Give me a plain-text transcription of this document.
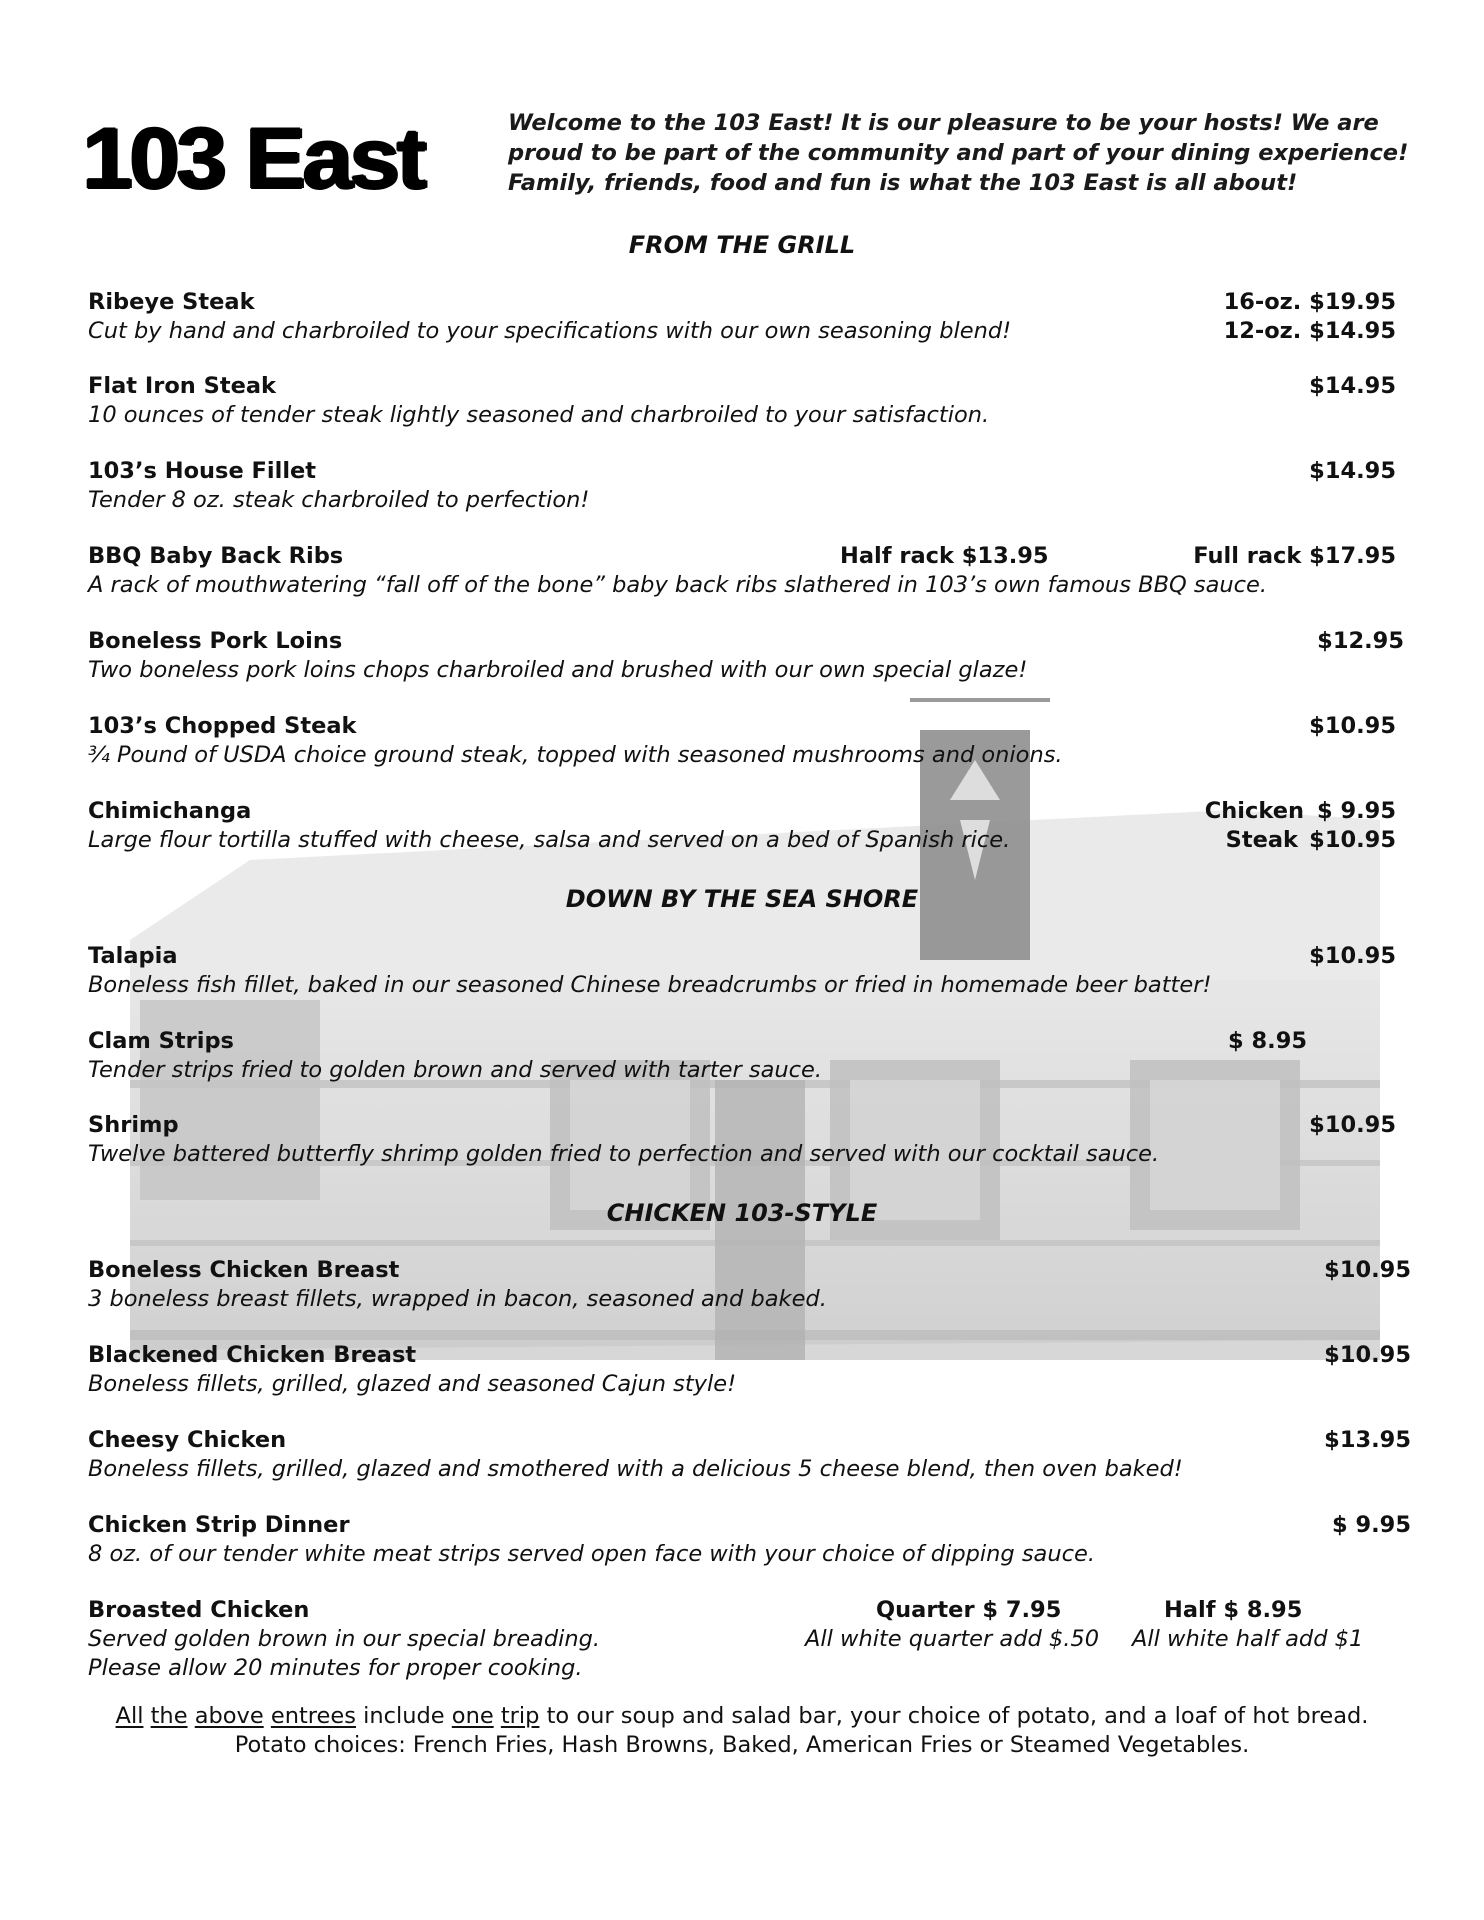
103 East	Welcome to the 103 East! It is our pleasure to be your hosts! We are
proud to be part of the community and part of your dining experience!
Family, friends, food and fun is what the 103 East is all about!

FROM THE GRILL
Ribeye Steak
Cut by hand and charbroiled to your specifications with our own seasoning blend!
16-oz. $19.95
12-oz. $14.95
Flat Iron Steak
10 ounces of tender steak lightly seasoned and charbroiled to your satisfaction.
$14.95
103’s House Fillet
Tender 8 oz. steak charbroiled to perfection!
$14.95
BBQ Baby Back Ribs
A rack of mouthwatering “fall off of the bone” baby back ribs slathered in 103’s own famous BBQ sauce.
Half rack $13.95	Full rack $17.95
Boneless Pork Loins
Two boneless pork loins chops charbroiled and brushed with our own special glaze!
$12.95
103’s Chopped Steak
¾ Pound of USDA choice ground steak, topped with seasoned mushrooms and onions.
$10.95
Chimichanga
Large flour tortilla stuffed with cheese, salsa and served on a bed of Spanish rice.
Chicken $ 9.95
Steak $10.95
DOWN BY THE SEA SHORE
Talapia
Boneless fish fillet, baked in our seasoned Chinese breadcrumbs or fried in homemade beer batter!
$10.95
Clam Strips
Tender strips fried to golden brown and served with tarter sauce.
$ 8.95
Shrimp
Twelve battered butterfly shrimp golden fried to perfection and served with our cocktail sauce.
$10.95
CHICKEN 103-STYLE
Boneless Chicken Breast
3 boneless breast fillets, wrapped in bacon, seasoned and baked.
$10.95
Blackened Chicken Breast
Boneless fillets, grilled, glazed and seasoned Cajun style!
$10.95
Cheesy Chicken
Boneless fillets, grilled, glazed and smothered with a delicious 5 cheese blend, then oven baked!
$13.95
Chicken Strip Dinner
8 oz. of our tender white meat strips served open face with your choice of dipping sauce.
$ 9.95
Broasted Chicken
Served golden brown in our special breading.
Please allow 20 minutes for proper cooking.
Quarter $ 7.95	Half $ 8.95
All white quarter add $.50 All white half add $1
All the above entrees include one trip to our soup and salad bar, your choice of potato, and a loaf of hot bread.
Potato choices: French Fries, Hash Browns, Baked, American Fries or Steamed Vegetables.
